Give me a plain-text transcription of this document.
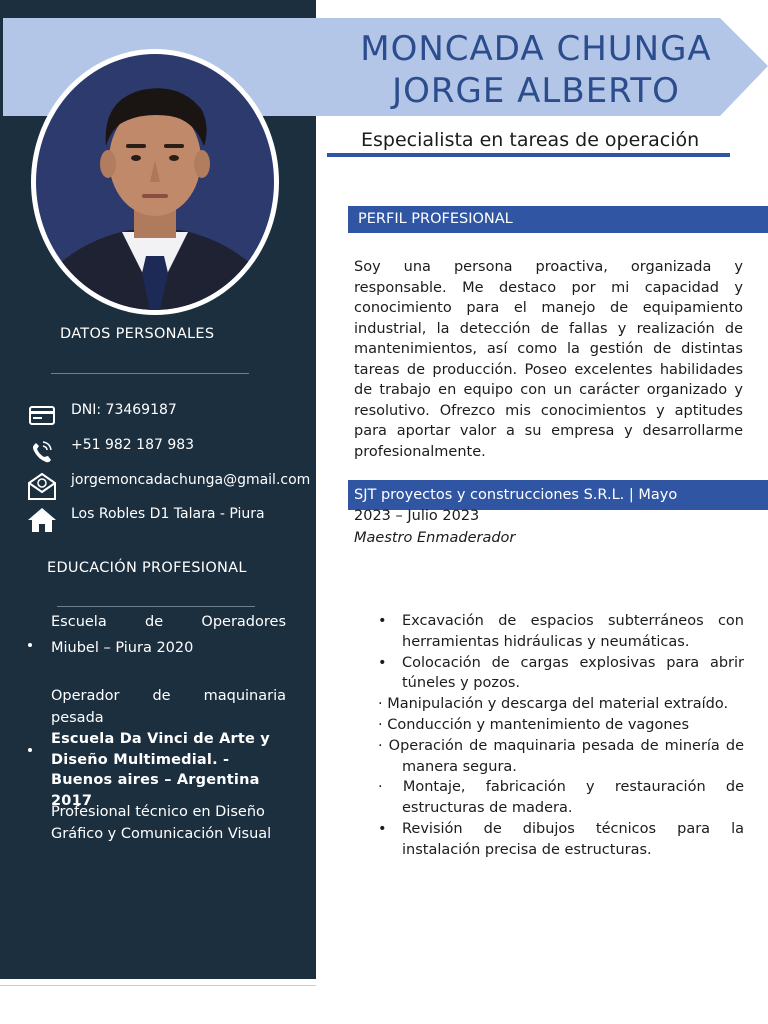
MONCADA CHUNGA
JORGE ALBERTO
Especialista en tareas de operación
DATOS PERSONALES
DNI: 73469187
+51 982 187 983
jorgemoncadachunga@gmail.com
Los Robles D1 Talara - Piura
EDUCACIÓN PROFESIONAL
Escuela de Operadores
Miubel – Piura 2020
Operador de maquinaria pesada
Escuela Da Vinci de Arte y Diseño Multimedial. - Buenos aires – Argentina 2017
Profesional técnico en Diseño Gráfico y Comunicación Visual
PERFIL PROFESIONAL
Soy una persona proactiva, organizada y responsable. Me destaco por mi capacidad y conocimiento para el manejo de equipamiento industrial, la detección de fallas y realización de mantenimientos, así como la gestión de distintas tareas de producción. Poseo excelentes habilidades de trabajo en equipo con un carácter organizado y resolutivo. Ofrezco mis conocimientos y aptitudes para aportar valor a su empresa y desarrollarme profesionalmente.
SJT proyectos y construcciones S.R.L. | Mayo
2023 – Julio 2023
Maestro Enmaderador
• Excavación de espacios subterráneos con herramientas hidráulicas y neumáticas.
• Colocación de cargas explosivas para abrir túneles y pozos.
· Manipulación y descarga del material extraído.
· Conducción y mantenimiento de vagones
· Operación de maquinaria pesada de minería de manera segura.
· Montaje, fabricación y restauración de estructuras de madera.
• Revisión de dibujos técnicos para la instalación precisa de estructuras.
